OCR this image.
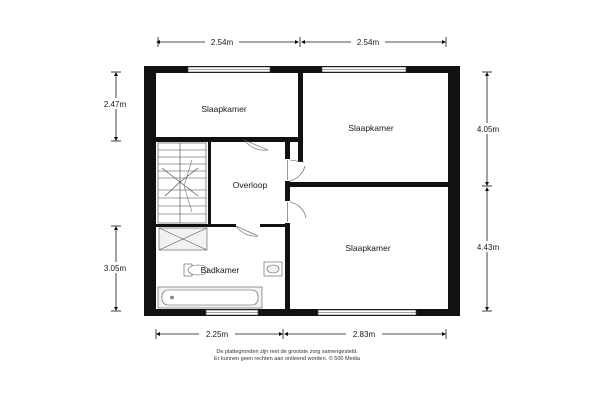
2.54m	2.54m
2.47m
3.05m
4.05m
4.43m
2.25m	2.83m
Slaapkamer
Slaapkamer
Overloop
Slaapkamer
Badkamer
De plattegronden zijn met de grootste zorg samengesteld.
Er kunnen geen rechten aan ontleend worden. © 500 Media
